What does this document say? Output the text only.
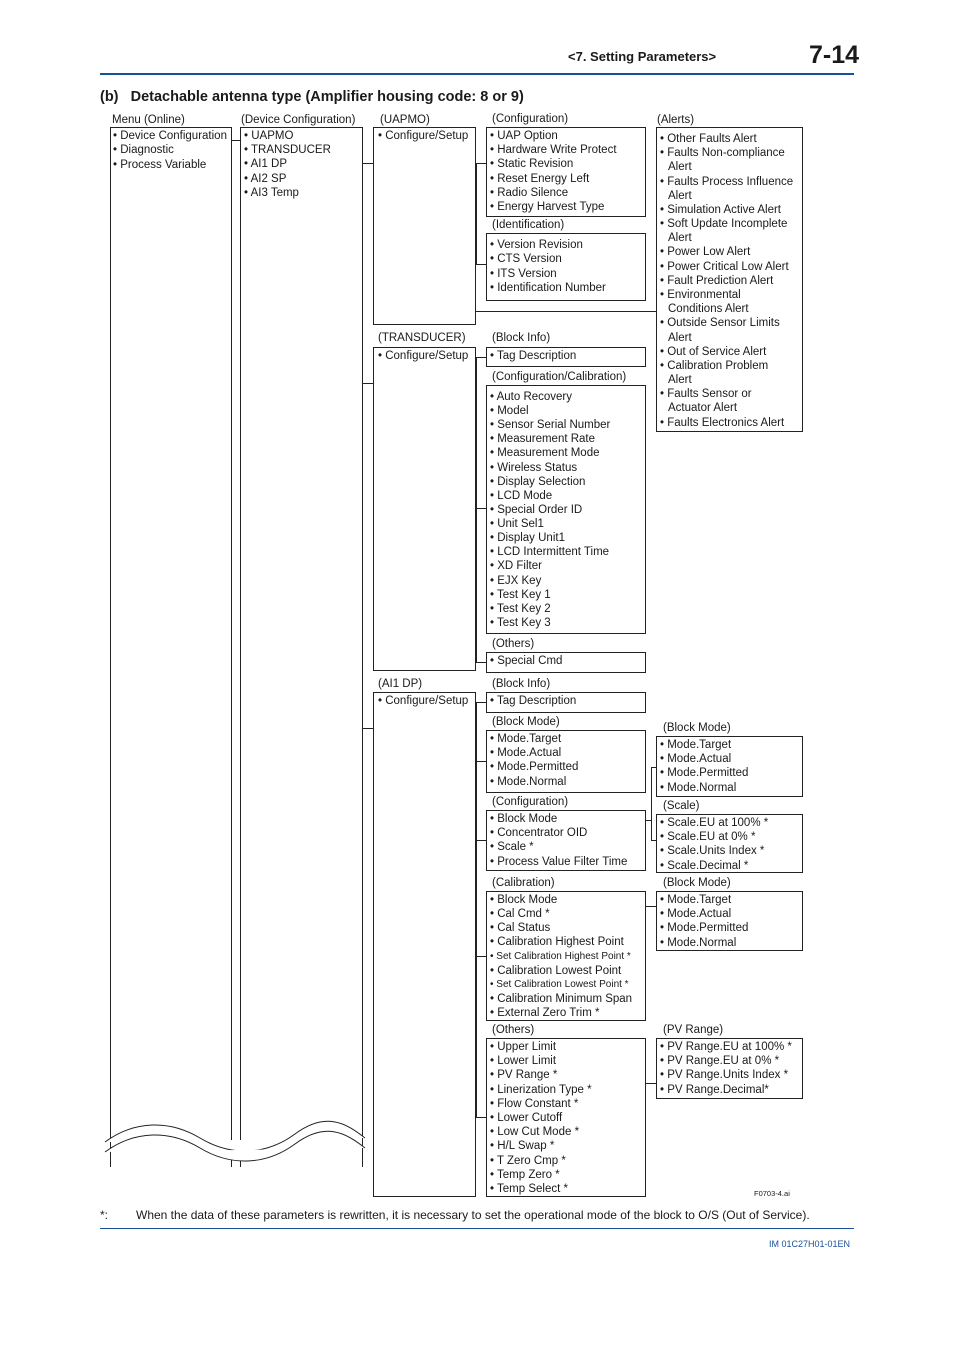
<7. Setting Parameters>	7-14
(b)   Detachable antenna type (Amplifier housing code: 8 or 9)
Menu (Online)
• Device Configuration
• Diagnostic
• Process Variable
(Device Configuration)
• UAPMO
• TRANSDUCER
• AI1 DP
• AI2 SP
• AI3 Temp
(UAPMO)
• Configure/Setup
(TRANSDUCER)
• Configure/Setup
(AI1 DP)
• Configure/Setup
(Configuration)
• UAP Option
• Hardware Write Protect
• Static Revision
• Reset Energy Left
• Radio Silence
• Energy Harvest Type
(Identification)
• Version Revision
• CTS Version
• ITS Version
• Identification Number
(Alerts)
• Other Faults Alert
• Faults Non-compliance
Alert
• Faults Process Influence
Alert
• Simulation Active Alert
• Soft Update Incomplete
Alert
• Power Low Alert
• Power Critical Low Alert
• Fault Prediction Alert
• Environmental
Conditions Alert
• Outside Sensor Limits
Alert
• Out of Service Alert
• Calibration Problem
Alert
• Faults Sensor or
Actuator Alert
• Faults Electronics Alert
(Block Info)
• Tag Description
(Configuration/Calibration)
• Auto Recovery
• Model
• Sensor Serial Number
• Measurement Rate
• Measurement Mode
• Wireless Status
• Display Selection
• LCD Mode
• Special Order ID
• Unit Sel1
• Display Unit1
• LCD Intermittent Time
• XD Filter
• EJX Key
• Test Key 1
• Test Key 2
• Test Key 3
(Others)
• Special Cmd
(Block Info)
• Tag Description
(Block Mode)
• Mode.Target
• Mode.Actual
• Mode.Permitted
• Mode.Normal
(Configuration)
• Block Mode
• Concentrator OID
• Scale *
• Process Value Filter Time
(Calibration)
• Block Mode
• Cal Cmd *
• Cal Status
• Calibration Highest Point
• Set Calibration Highest Point *
• Calibration Lowest Point
• Set Calibration Lowest Point *
• Calibration Minimum Span
• External Zero Trim *
(Others)
• Upper Limit
• Lower Limit
• PV Range *
• Linerization Type *
• Flow Constant *
• Lower Cutoff
• Low Cut Mode *
• H/L Swap *
• T Zero Cmp *
• Temp Zero *
• Temp Select *
(Block Mode)
• Mode.Target
• Mode.Actual
• Mode.Permitted
• Mode.Normal
(Scale)
• Scale.EU at 100% *
• Scale.EU at 0% *
• Scale.Units Index *
• Scale.Decimal *
(Block Mode)
• Mode.Target
• Mode.Actual
• Mode.Permitted
• Mode.Normal
(PV Range)
• PV Range.EU at 100% *
• PV Range.EU at 0% *
• PV Range.Units Index *
• PV Range.Decimal*
F0703-4.ai
*: When the data of these parameters is rewritten, it is necessary to set the operational mode of the block to O/S (Out of Service).
IM 01C27H01-01EN
